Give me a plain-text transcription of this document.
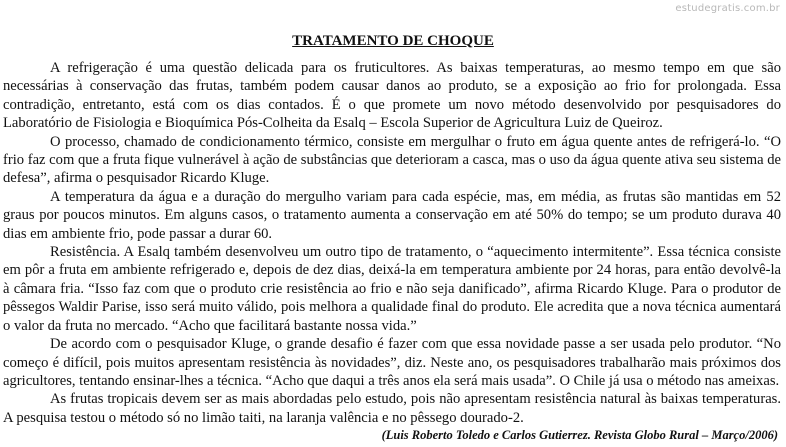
estudegratis.com.br
TRATAMENTO DE CHOQUE

A refrigeração é uma questão delicada para os fruticultores. As baixas temperaturas, ao mesmo tempo em que são necessárias à conservação das frutas, também podem causar danos ao produto, se a exposição ao frio for prolongada. Essa contradição, entretanto, está com os dias contados. É o que promete um novo método desenvolvido por pesquisadores do Laboratório de Fisiologia e Bioquímica Pós-Colheita da Esalq – Escola Superior de Agricultura Luiz de Queiroz.

O processo, chamado de condicionamento térmico, consiste em mergulhar o fruto em água quente antes de refrigerá-lo. “O frio faz com que a fruta fique vulnerável à ação de substâncias que deterioram a casca, mas o uso da água quente ativa seu sistema de defesa”, afirma o pesquisador Ricardo Kluge.

A temperatura da água e a duração do mergulho variam para cada espécie, mas, em média, as frutas são mantidas em 52 graus por poucos minutos. Em alguns casos, o tratamento aumenta a conservação em até 50% do tempo; se um produto durava 40 dias em ambiente frio, pode passar a durar 60.

Resistência. A Esalq também desenvolveu um outro tipo de tratamento, o “aquecimento intermitente”. Essa técnica consiste em pôr a fruta em ambiente refrigerado e, depois de dez dias, deixá-la em temperatura ambiente por 24 horas, para então devolvê-la à câmara fria. “Isso faz com que o produto crie resistência ao frio e não seja danificado”, afirma Ricardo Kluge. Para o produtor de pêssegos Waldir Parise, isso será muito válido, pois melhora a qualidade final do produto. Ele acredita que a nova técnica aumentará o valor da fruta no mercado. “Acho que facilitará bastante nossa vida.”

De acordo com o pesquisador Kluge, o grande desafio é fazer com que essa novidade passe a ser usada pelo produtor. “No começo é difícil, pois muitos apresentam resistência às novidades”, diz. Neste ano, os pesquisadores trabalharão mais próximos dos agricultores, tentando ensinar-lhes a técnica. “Acho que daqui a três anos ela será mais usada”. O Chile já usa o método nas ameixas.

As frutas tropicais devem ser as mais abordadas pelo estudo, pois não apresentam resistência natural às baixas temperaturas. A pesquisa testou o método só no limão taiti, na laranja valência e no pêssego dourado-2.

(Luis Roberto Toledo e Carlos Gutierrez. Revista Globo Rural – Março/2006)
